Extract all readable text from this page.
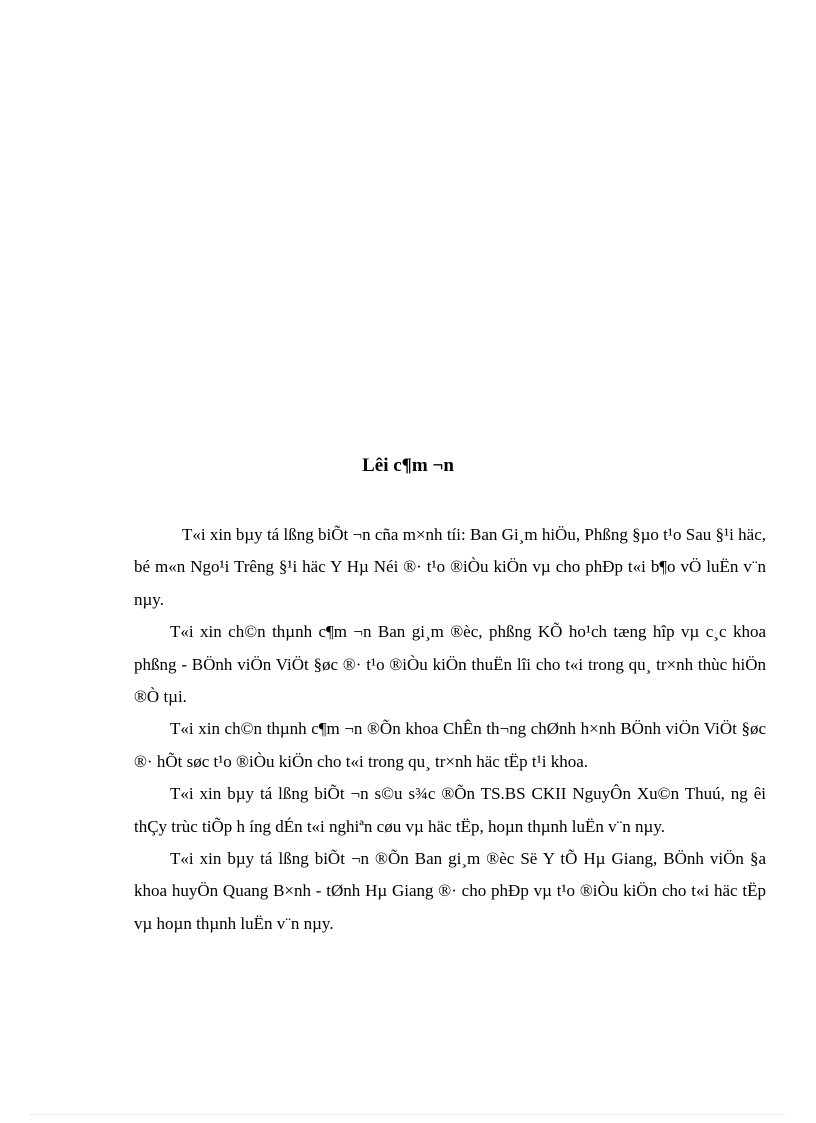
Lêi c¶m ¬n

T«i xin bµy tá lßng biÕt ¬n cña m×nh tíi: Ban Gi¸m hiÖu, Phßng §µo t¹o Sau §¹i häc, bé m«n Ngo¹i Trêng §¹i häc Y Hµ Néi ®· t¹o ®iÒu kiÖn vµ cho phÐp t«i b¶o vÖ luËn v¨n nµy.

T«i xin ch©n thµnh c¶m ¬n Ban gi¸m ®èc, phßng KÕ ho¹ch tæng hîp vµ c¸c khoa phßng - BÖnh viÖn ViÖt §øc ®· t¹o ®iÒu kiÖn thuËn lîi cho t«i trong qu¸ tr×nh thùc hiÖn ®Ò tµi.

T«i xin ch©n thµnh c¶m ¬n ®Õn khoa ChÊn th¬ng chØnh h×nh BÖnh viÖn ViÖt §øc ®· hÕt søc t¹o ®iÒu kiÖn cho t«i trong qu¸ tr×nh häc tËp t¹i khoa.

T«i xin bµy tá lßng biÕt ¬n s©u s¾c ®Õn TS.BS CKII NguyÔn Xu©n Thuú, ng êi thÇy trùc tiÕp h íng dÉn t«i nghiªn cøu vµ häc tËp, hoµn thµnh luËn v¨n nµy.

T«i xin bµy tá lßng biÕt ¬n ®Õn Ban gi¸m ®èc Së Y tÕ Hµ Giang, BÖnh viÖn §a khoa huyÖn Quang B×nh - tØnh Hµ Giang ®· cho phÐp vµ t¹o ®iÒu kiÖn cho t«i häc tËp vµ hoµn thµnh luËn v¨n nµy.
